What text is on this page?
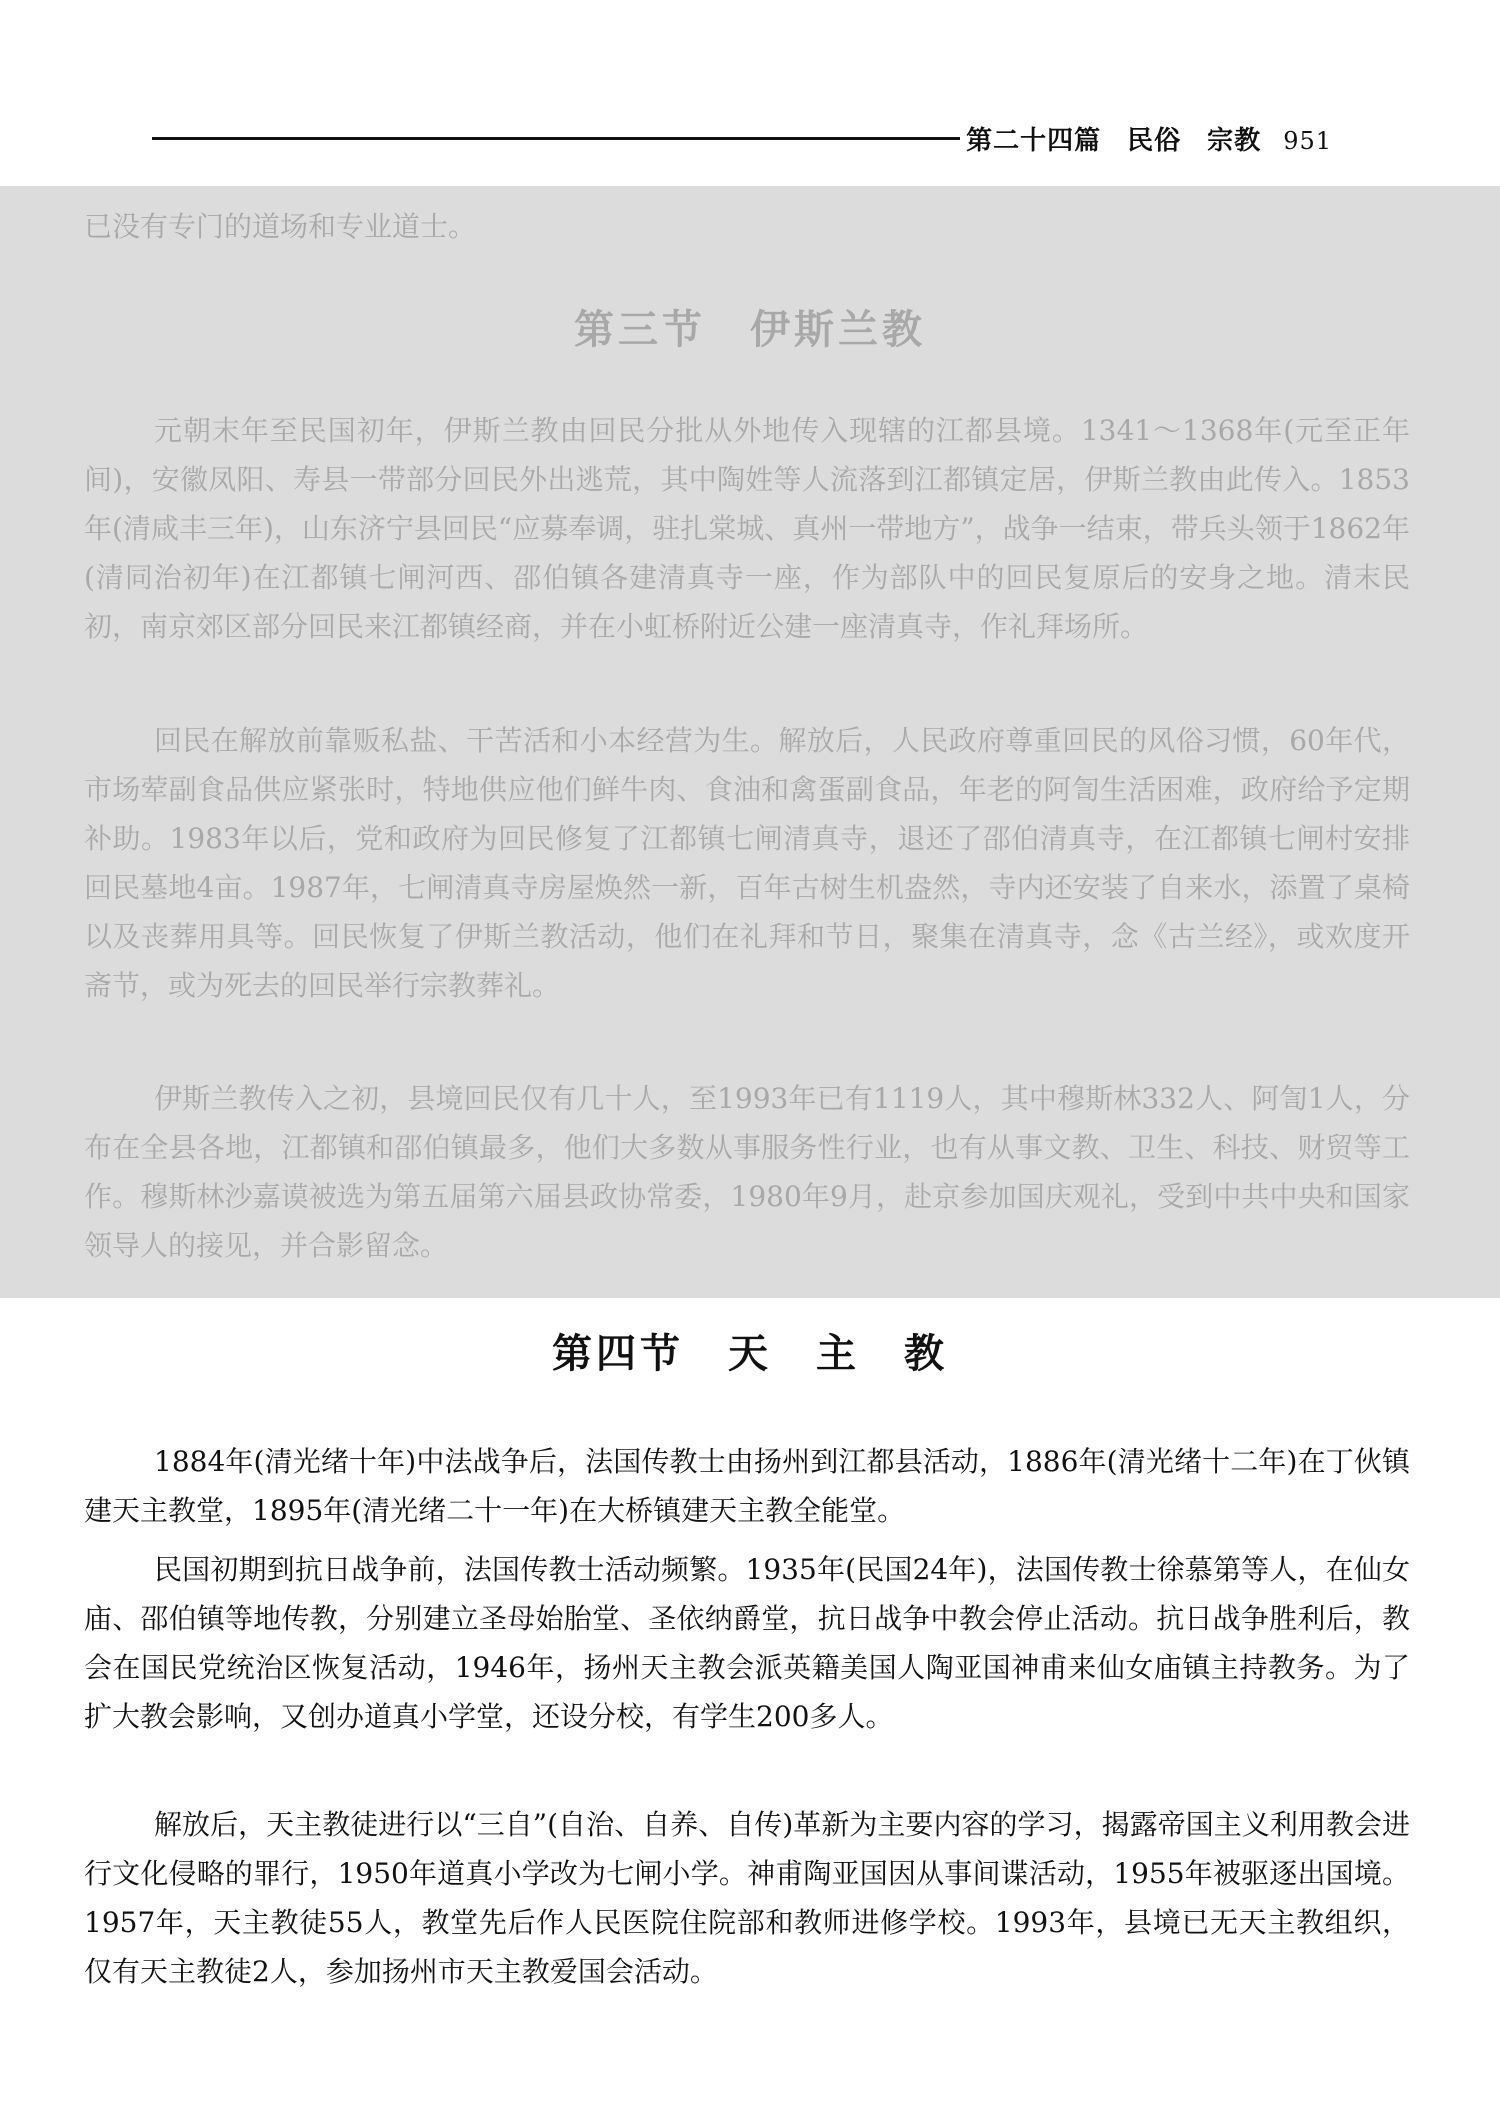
第二十四篇 民俗 宗教 951

已没有专门的道场和专业道士。

第三节　伊斯兰教

元朝末年至民国初年，伊斯兰教由回民分批从外地传入现辖的江都县境。1341～1368年(元至正年间)，安徽凤阳、寿县一带部分回民外出逃荒，其中陶姓等人流落到江都镇定居，伊斯兰教由此传入。1853年(清咸丰三年)，山东济宁县回民“应募奉调，驻扎棠城、真州一带地方”，战争一结束，带兵头领于1862年(清同治初年)在江都镇七闸河西、邵伯镇各建清真寺一座，作为部队中的回民复原后的安身之地。清末民初，南京郊区部分回民来江都镇经商，并在小虹桥附近公建一座清真寺，作礼拜场所。

回民在解放前靠贩私盐、干苦活和小本经营为生。解放后，人民政府尊重回民的风俗习惯，60年代，市场荤副食品供应紧张时，特地供应他们鲜牛肉、食油和禽蛋副食品，年老的阿訇生活困难，政府给予定期补助。1983年以后，党和政府为回民修复了江都镇七闸清真寺，退还了邵伯清真寺，在江都镇七闸村安排回民墓地4亩。1987年，七闸清真寺房屋焕然一新，百年古树生机盎然，寺内还安装了自来水，添置了桌椅以及丧葬用具等。回民恢复了伊斯兰教活动，他们在礼拜和节日，聚集在清真寺，念《古兰经》，或欢度开斋节，或为死去的回民举行宗教葬礼。

伊斯兰教传入之初，县境回民仅有几十人，至1993年已有1119人，其中穆斯林332人、阿訇1人，分布在全县各地，江都镇和邵伯镇最多，他们大多数从事服务性行业，也有从事文教、卫生、科技、财贸等工作。穆斯林沙嘉谟被选为第五届第六届县政协常委，1980年9月，赴京参加国庆观礼，受到中共中央和国家领导人的接见，并合影留念。

第四节　天　主　教

1884年(清光绪十年)中法战争后，法国传教士由扬州到江都县活动，1886年(清光绪十二年)在丁伙镇建天主教堂，1895年(清光绪二十一年)在大桥镇建天主教全能堂。

民国初期到抗日战争前，法国传教士活动频繁。1935年(民国24年)，法国传教士徐慕第等人，在仙女庙、邵伯镇等地传教，分别建立圣母始胎堂、圣依纳爵堂，抗日战争中教会停止活动。抗日战争胜利后，教会在国民党统治区恢复活动，1946年，扬州天主教会派英籍美国人陶亚国神甫来仙女庙镇主持教务。为了扩大教会影响，又创办道真小学堂，还设分校，有学生200多人。

解放后，天主教徒进行以“三自”(自治、自养、自传)革新为主要内容的学习，揭露帝国主义利用教会进行文化侵略的罪行，1950年道真小学改为七闸小学。神甫陶亚国因从事间谍活动，1955年被驱逐出国境。1957年，天主教徒55人，教堂先后作人民医院住院部和教师进修学校。1993年，县境已无天主教组织，仅有天主教徒2人，参加扬州市天主教爱国会活动。
